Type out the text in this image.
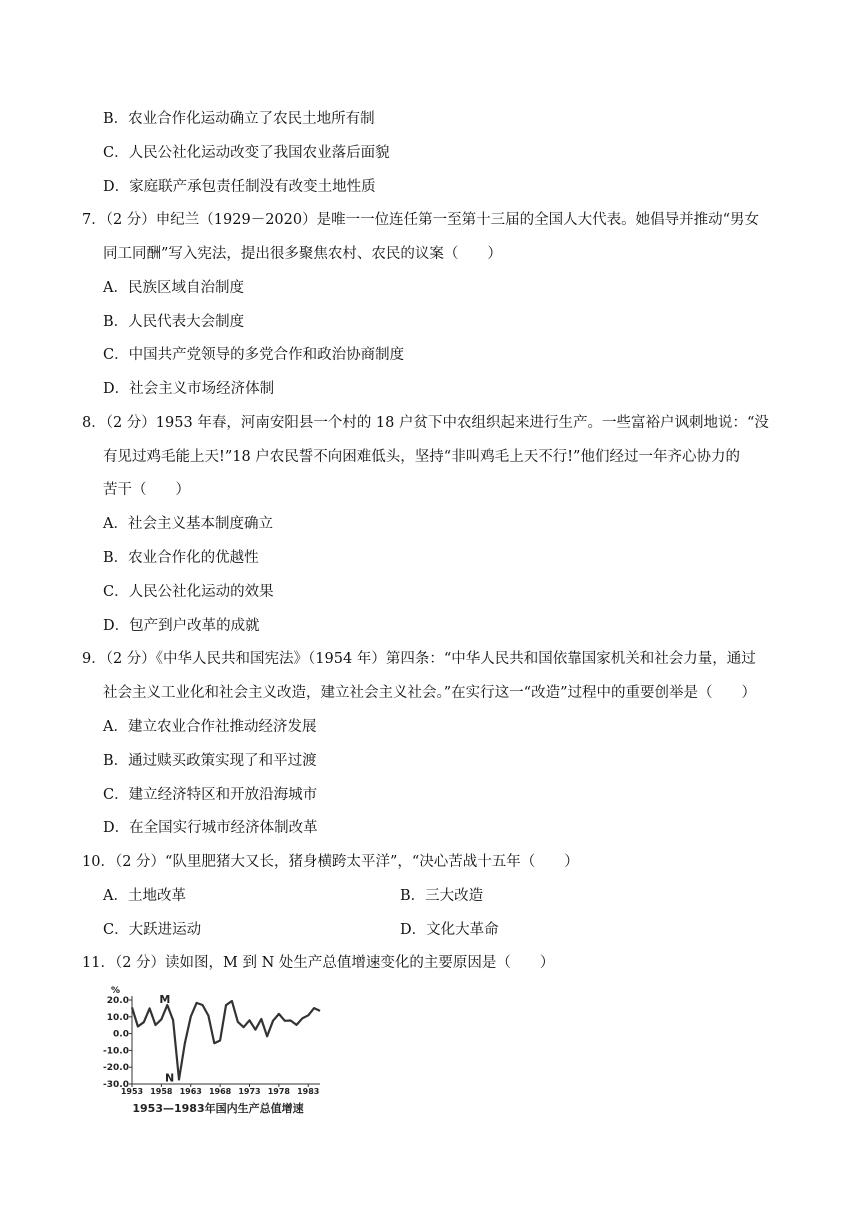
B．农业合作化运动确立了农民土地所有制
C．人民公社化运动改变了我国农业落后面貌
D．家庭联产承包责任制没有改变土地性质
7．（2 分）申纪兰（1929－2020）是唯一一位连任第一至第十三届的全国人大代表。她倡导并推动“男女
同工同酬”写入宪法，提出很多聚焦农村、农民的议案（　　）
A．民族区域自治制度
B．人民代表大会制度
C．中国共产党领导的多党合作和政治协商制度
D．社会主义市场经济体制
8．（2 分）1953 年春，河南安阳县一个村的 18 户贫下中农组织起来进行生产。一些富裕户讽刺地说：“没
有见过鸡毛能上天!”18 户农民誓不向困难低头，坚持“非叫鸡毛上天不行!”他们经过一年齐心协力的
苦干（　　）
A．社会主义基本制度确立
B．农业合作化的优越性
C．人民公社化运动的效果
D．包产到户改革的成就
9．（2 分）《中华人民共和国宪法》（1954 年）第四条：“中华人民共和国依靠国家机关和社会力量，通过
社会主义工业化和社会主义改造，建立社会主义社会。”在实行这一“改造”过程中的重要创举是（　　）
A．建立农业合作社推动经济发展
B．通过赎买政策实现了和平过渡
C．建立经济特区和开放沿海城市
D．在全国实行城市经济体制改革
10．（2 分）“队里肥猪大又长，猪身横跨太平洋”，“决心苦战十五年（　　）
A．土地改革	B．三大改造
C．大跃进运动	D．文化大革命
11．（2 分）读如图，M 到 N 处生产总值增速变化的主要原因是（　　）
20.0
10.0
0.0
-10.0
-20.0
-30.0
1953 1958 1963 1968 1973 1978 1983
%
M
N
1953—1983年国内生产总值增速
